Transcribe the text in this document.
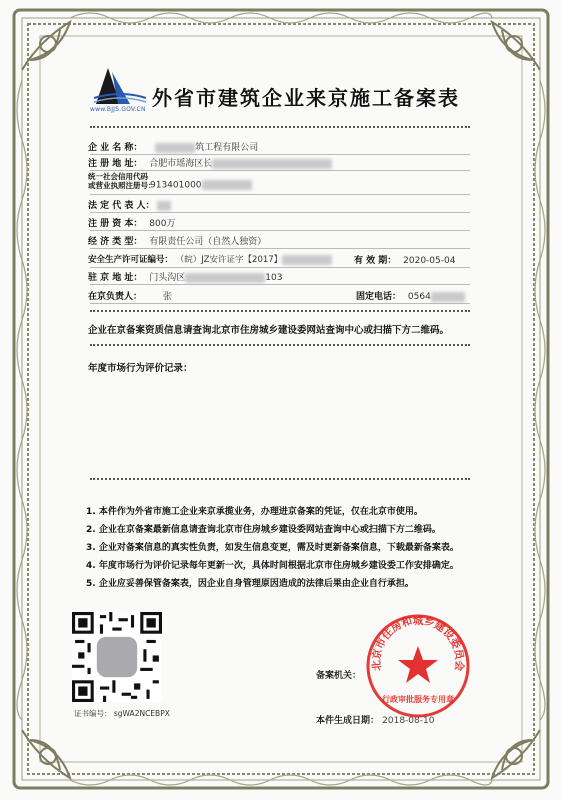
www.BJJS.GOV.CN 外省市建筑企业来京施工备案表
企 业 名 称：	筑工程有限公司
注 册 地 址： 合肥市瑶海区长
统一社会信用代码
或营业执照注册号：
913401000
法 定 代 表 人：
注 册 资 本： 800万
经 济 类 型： 有限责任公司（自然人独资）
安全生产许可证编号： （皖）JZ安许证字【2017】	有 效 期： 2020-05-04
驻 京 地 址： 门头沟区	103
在京负责人： 张	固定电话： 0564
企业在京备案资质信息请查询北京市住房城乡建设委网站查询中心或扫描下方二维码。
年度市场行为评价记录：
1. 本件作为外省市施工企业来京承揽业务，办理进京备案的凭证，仅在北京市使用。
2. 企业在京备案最新信息请查询北京市住房城乡建设委网站查询中心或扫描下方二维码。
3. 企业对备案信息的真实性负责，如发生信息变更，需及时更新备案信息，下载最新备案表。
4. 年度市场行为评价记录每年更新一次，具体时间根据北京市住房城乡建设委工作安排确定。
5. 企业应妥善保管备案表，因企业自身管理原因造成的法律后果由企业自行承担。
证书编号： sgWA2NCEBPX
备案机关：
本件生成日期： 2018-08-10
北京市住房和城乡建设委员会
行政审批服务专用章
